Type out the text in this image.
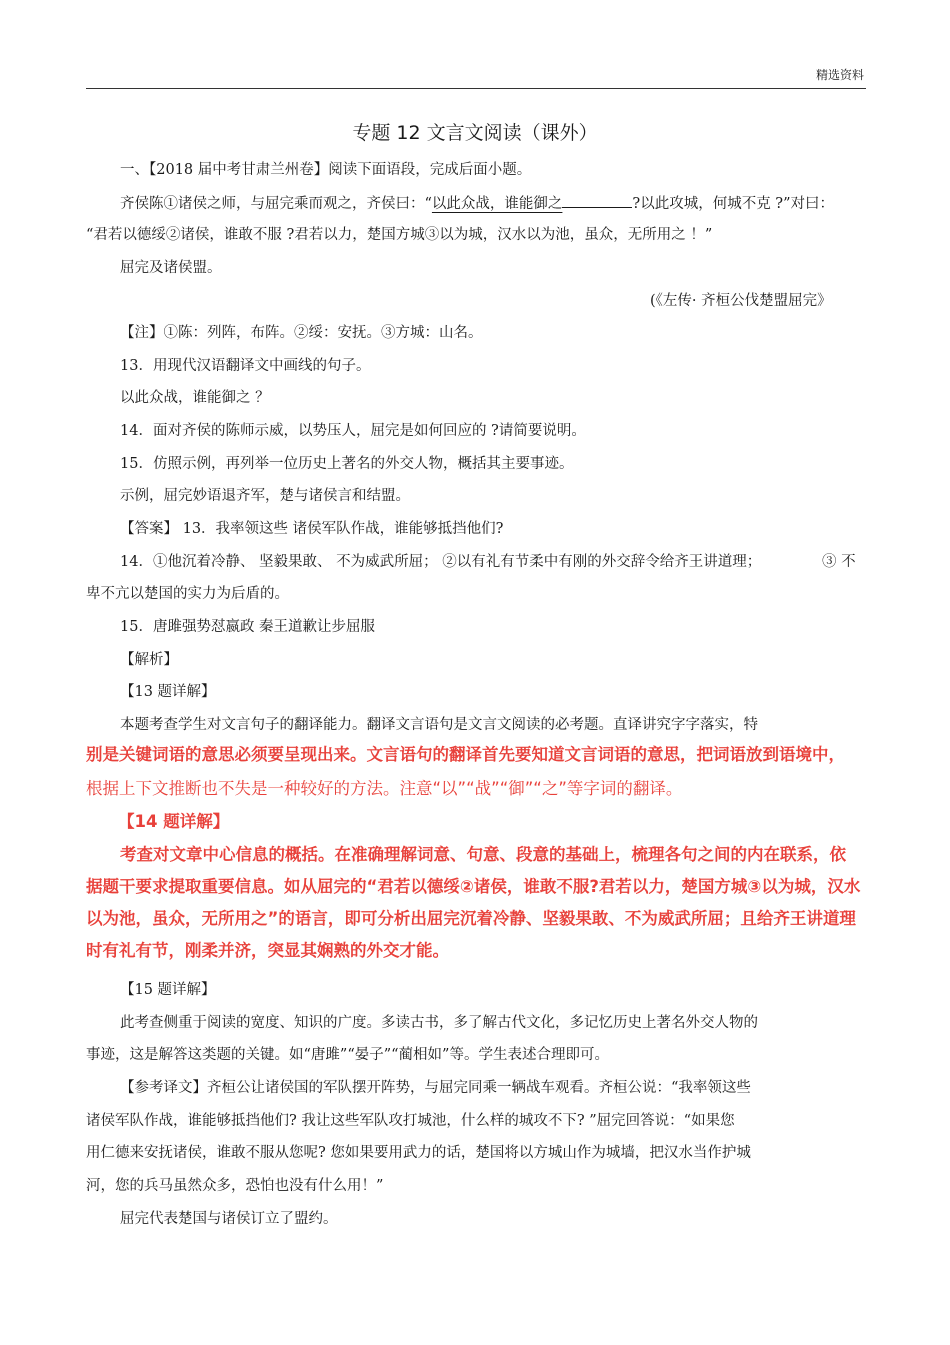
精选资料
专题 12 文言文阅读（课外）
一、【2018 届中考甘肃兰州卷】阅读下面语段，完成后面小题。
齐侯陈①诸侯之师，与屈完乘而观之，齐侯曰：“以此众战，谁能御之	?以此攻城，何城不克 ?”对曰：
“君若以德绥②诸侯，谁敢不服 ?君若以力，楚国方城③以为城，汉水以为池，虽众，无所用之 ！”
屈完及诸侯盟。
(《左传· 齐桓公伐楚盟屈完》
【注】①陈：列阵，布阵。②绥：安抚。③方城：山名。
13．用现代汉语翻译文中画线的句子。
以此众战，谁能御之 ？
14．面对齐侯的陈师示威，以势压人，屈完是如何回应的 ?请简要说明。
15．仿照示例，再列举一位历史上著名的外交人物，概括其主要事迹。
示例，屈完妙语退齐军，楚与诸侯言和结盟。
【答案】 13．我率领这些 诸侯军队作战，谁能够抵挡他们?
14．①他沉着冷静、 坚毅果敢、 不为威武所屈； ②以有礼有节柔中有刚的外交辞令给齐王讲道理；	③ 不
卑不亢以楚国的实力为后盾的。
15．唐雎强势怼嬴政 秦王道歉让步屈服
【解析】
【13 题详解】
本题考查学生对文言句子的翻译能力。翻译文言语句是文言文阅读的必考题。直译讲究字字落实，特
别是关键词语的意思必须要呈现出来。文言语句的翻译首先要知道文言词语的意思，把词语放到语境中，
根据上下文推断也不失是一种较好的方法。注意“以”“战”“御”“之”等字词的翻译。
【14 题详解】
考查对文章中心信息的概括。在准确理解词意、句意、段意的基础上，梳理各句之间的内在联系，依
据题干要求提取重要信息。如从屈完的“君若以德绥②诸侯，谁敢不服?君若以力，楚国方城③以为城，汉水
以为池，虽众，无所用之”的语言，即可分析出屈完沉着冷静、坚毅果敢、不为威武所屈；且给齐王讲道理
时有礼有节，刚柔并济，突显其娴熟的外交才能。
【15 题详解】
此考查侧重于阅读的宽度、知识的广度。多读古书，多了解古代文化，多记忆历史上著名外交人物的
事迹，这是解答这类题的关键。如“唐雎”“晏子”“蔺相如”等。学生表述合理即可。
【参考译文】齐桓公让诸侯国的军队摆开阵势，与屈完同乘一辆战车观看。齐桓公说：“我率领这些
诸侯军队作战，谁能够抵挡他们? 我让这些军队攻打城池，什么样的城攻不下? ”屈完回答说：“如果您
用仁德来安抚诸侯，谁敢不服从您呢? 您如果要用武力的话，楚国将以方城山作为城墙，把汉水当作护城
河，您的兵马虽然众多，恐怕也没有什么用！”
屈完代表楚国与诸侯订立了盟约。
